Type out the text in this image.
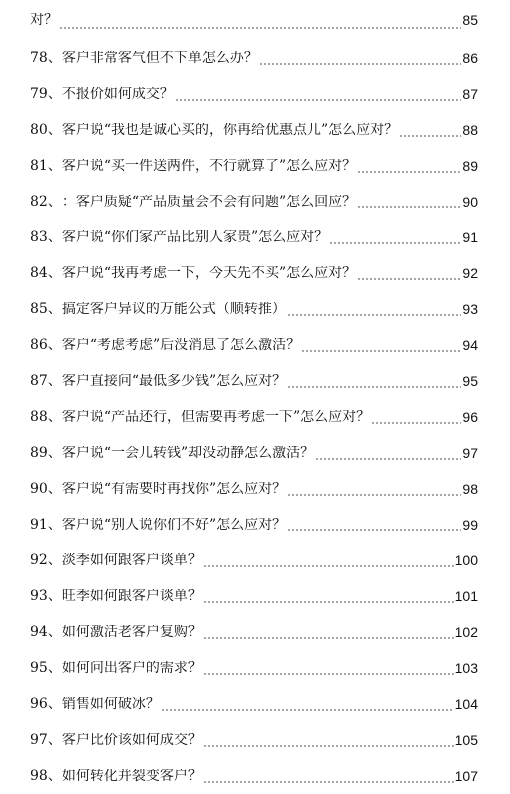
对？	85
78、 客户非常客气但不下单怎么办？	86
79、 不报价如何成交？	87
80、 客户说“我也是诚心买的，你再给优惠点儿”怎么应对？	88
81、 客户说“买一件送两件，不行就算了”怎么应对？	89
82、 ：客户质疑“产品质量会不会有问题”怎么回应？	90
83、 客户说“你们家产品比别人家贵”怎么应对？	91
84、 客户说“我再考虑一下，今天先不买”怎么应对？	92
85、 搞定客户异议的万能公式（顺转推）	93
86、 客户“考虑考虑”后没消息了怎么激活？	94
87、 客户直接问“最低多少钱”怎么应对？	95
88、 客户说“产品还行，但需要再考虑一下”怎么应对？	96
89、 客户说“一会儿转钱”却没动静怎么激活？	97
90、 客户说“有需要时再找你”怎么应对？	98
91、 客户说“别人说你们不好”怎么应对？	99
92、 淡季如何跟客户谈单？	100
93、 旺季如何跟客户谈单？	101
94、 如何激活老客户复购？	102
95、 如何问出客户的需求？	103
96、 销售如何破冰？	104
97、 客户比价该如何成交？	105
98、 如何转化并裂变客户？	107
